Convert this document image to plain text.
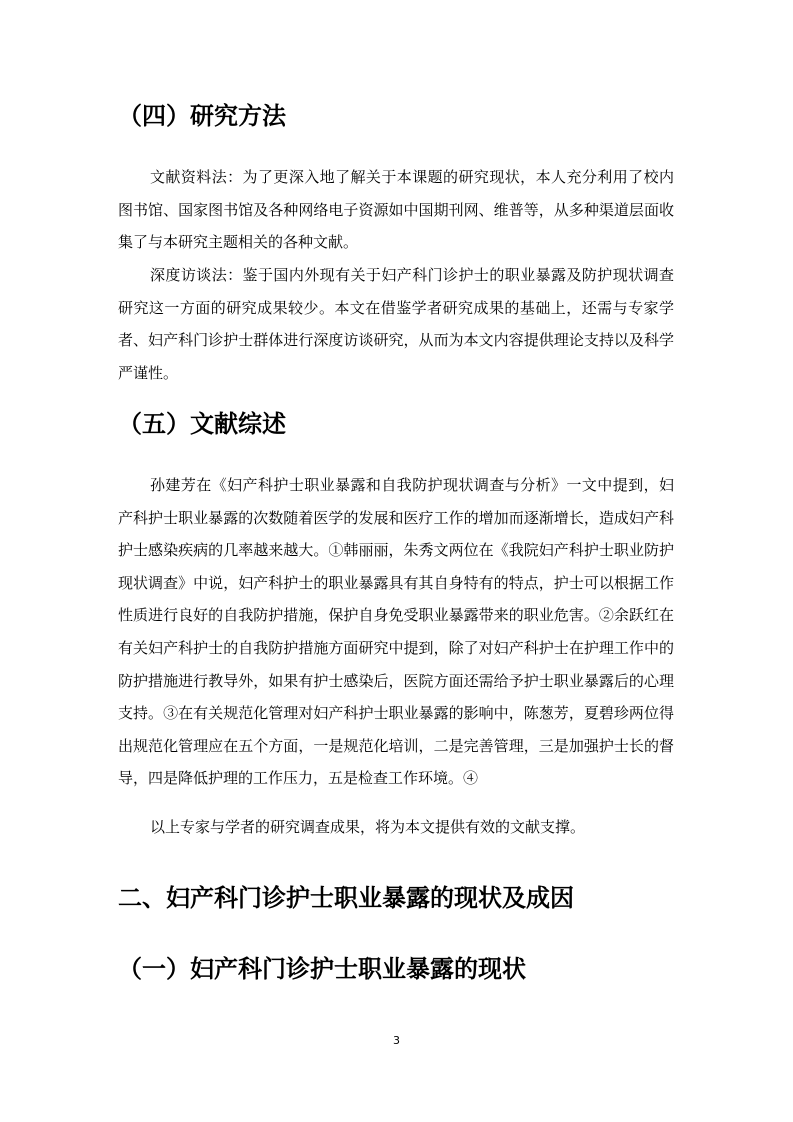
（四）研究方法

文献资料法：为了更深入地了解关于本课题的研究现状，本人充分利用了校内图书馆、国家图书馆及各种网络电子资源如中国期刊网、维普等，从多种渠道层面收集了与本研究主题相关的各种文献。

深度访谈法：鉴于国内外现有关于妇产科门诊护士的职业暴露及防护现状调查研究这一方面的研究成果较少。本文在借鉴学者研究成果的基础上，还需与专家学者、妇产科门诊护士群体进行深度访谈研究，从而为本文内容提供理论支持以及科学严谨性。

（五）文献综述

孙建芳在《妇产科护士职业暴露和自我防护现状调查与分析》一文中提到，妇产科护士职业暴露的次数随着医学的发展和医疗工作的增加而逐渐增长，造成妇产科护士感染疾病的几率越来越大。①韩丽丽，朱秀文两位在《我院妇产科护士职业防护现状调查》中说，妇产科护士的职业暴露具有其自身特有的特点，护士可以根据工作性质进行良好的自我防护措施，保护自身免受职业暴露带来的职业危害。②余跃红在有关妇产科护士的自我防护措施方面研究中提到，除了对妇产科护士在护理工作中的防护措施进行教导外，如果有护士感染后，医院方面还需给予护士职业暴露后的心理支持。③在有关规范化管理对妇产科护士职业暴露的影响中，陈葱芳，夏碧珍两位得出规范化管理应在五个方面，一是规范化培训，二是完善管理，三是加强护士长的督导，四是降低护理的工作压力，五是检查工作环境。④

以上专家与学者的研究调查成果，将为本文提供有效的文献支撑。

二、妇产科门诊护士职业暴露的现状及成因
（一）妇产科门诊护士职业暴露的现状
3
